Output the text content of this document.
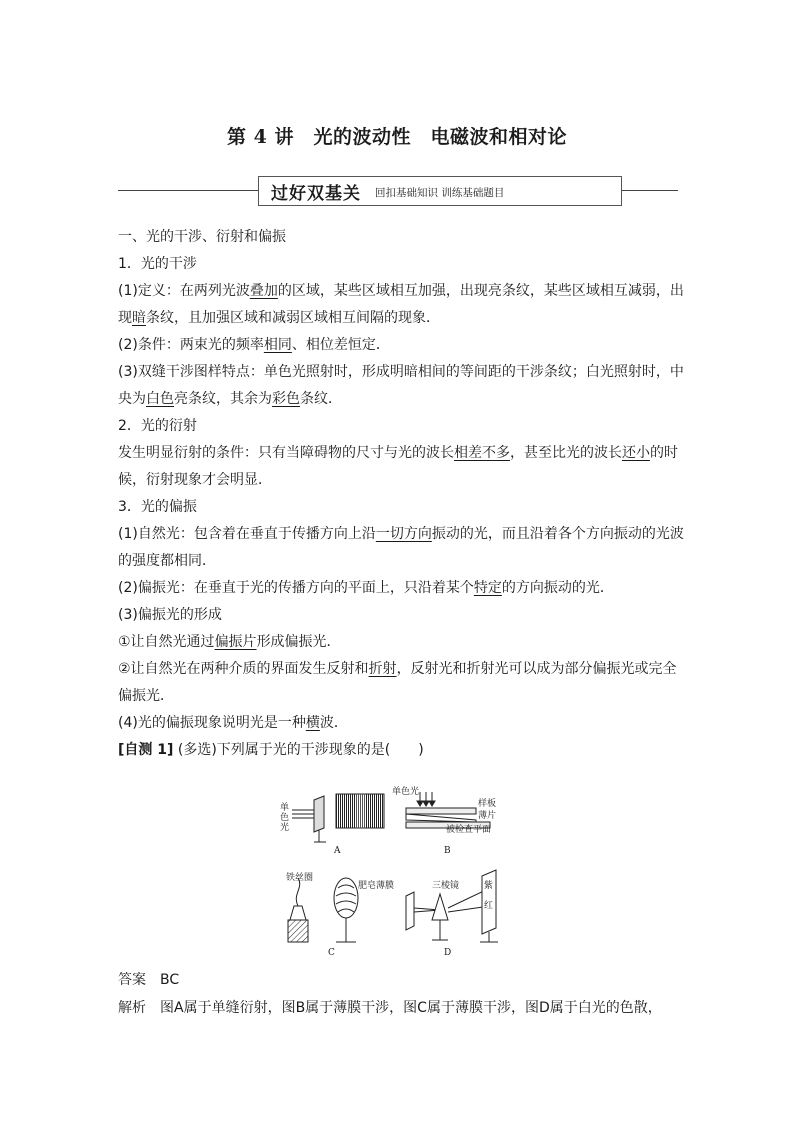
第 4 讲　光的波动性　电磁波和相对论
过好双基关 回扣基础知识 训练基础题目

一、光的干涉、衍射和偏振

1．光的干涉

(1)定义：在两列光波叠加的区域，某些区域相互加强，出现亮条纹，某些区域相互减弱，出

现暗条纹，且加强区域和减弱区域相互间隔的现象．

(2)条件：两束光的频率相同、相位差恒定．

(3)双缝干涉图样特点：单色光照射时，形成明暗相间的等间距的干涉条纹；白光照射时，中

央为白色亮条纹，其余为彩色条纹．

2．光的衍射

发生明显衍射的条件：只有当障碍物的尺寸与光的波长相差不多，甚至比光的波长还小的时

候，衍射现象才会明显．

3．光的偏振

(1)自然光：包含着在垂直于传播方向上沿一切方向振动的光，而且沿着各个方向振动的光波

的强度都相同．

(2)偏振光：在垂直于光的传播方向的平面上，只沿着某个特定的方向振动的光．

(3)偏振光的形成

①让自然光通过偏振片形成偏振光．

②让自然光在两种介质的界面发生反射和折射，反射光和折射光可以成为部分偏振光或完全

偏振光．

(4)光的偏振现象说明光是一种横波．

[自测 1] (多选)下列属于光的干涉现象的是(　　)

单
色
光
A
单色光
样板
薄片
被检查平面
B
铁丝圈
肥皂薄膜
C
三棱镜	紫
红
D
答案　BC
解析　图A属于单缝衍射，图B属于薄膜干涉，图C属于薄膜干涉，图D属于白光的色散，
